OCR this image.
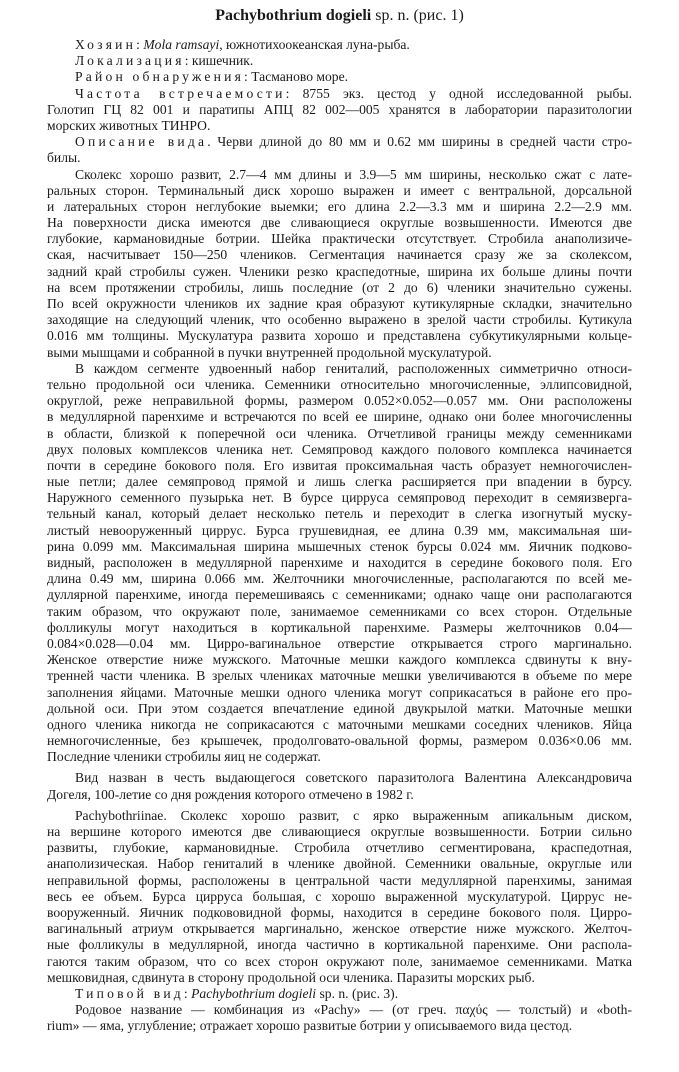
Pachybothrium dogieli sp. n. (рис. 1)
Хозяин: Mola ramsayi, южнотихоокеанская луна-рыба.
Локализация: кишечник.
Район обнаружения: Тасманово море.
Частота встречаемости: 8755 экз. цестод у одной исследованной рыбы.
Голотип ГЦ 82 001 и паратипы АПЦ 82 002—005 хранятся в лаборатории паразитологии
морских животных ТИНРО.
Описание вида. Черви длиной до 80 мм и 0.62 мм ширины в средней части стро-
билы.
Сколекс хорошо развит, 2.7—4 мм длины и 3.9—5 мм ширины, несколько сжат с лате-
ральных сторон. Терминальный диск хорошо выражен и имеет с вентральной, дорсальной
и латеральных сторон неглубокие выемки; его длина 2.2—3.3 мм и ширина 2.2—2.9 мм.
На поверхности диска имеются две сливающиеся округлые возвышенности. Имеются две
глубокие, кармановидные ботрии. Шейка практически отсутствует. Стробила анаполизиче-
ская, насчитывает 150—250 члеников. Сегментация начинается сразу же за сколексом,
задний край стробилы сужен. Членики резко краспедотные, ширина их больше длины почти
на всем протяжении стробилы, лишь последние (от 2 до 6) членики значительно сужены.
По всей окружности члеников их задние края образуют кутикулярные складки, значительно
заходящие на следующий членик, что особенно выражено в зрелой части стробилы. Кутикула
0.016 мм толщины. Мускулатура развита хорошо и представлена субкутикулярными кольце-
выми мышцами и собранной в пучки внутренней продольной мускулатурой.
В каждом сегменте удвоенный набор гениталий, расположенных симметрично относи-
тельно продольной оси членика. Семенники относительно многочисленные, эллипсовидной,
округлой, реже неправильной формы, размером 0.052×0.052—0.057 мм. Они расположены
в медуллярной паренхиме и встречаются по всей ее ширине, однако они более многочисленны
в области, близкой к поперечной оси членика. Отчетливой границы между семенниками
двух половых комплексов членика нет. Семяпровод каждого полового комплекса начинается
почти в середине бокового поля. Его извитая проксимальная часть образует немногочислен-
ные петли; далее семяпровод прямой и лишь слегка расширяется при впадении в бурсу.
Наружного семенного пузырька нет. В бурсе цирруса семяпровод переходит в семяизверга-
тельный канал, который делает несколько петель и переходит в слегка изогнутый муску-
листый невооруженный циррус. Бурса грушевидная, ее длина 0.39 мм, максимальная ши-
рина 0.099 мм. Максимальная ширина мышечных стенок бурсы 0.024 мм. Яичник подково-
видный, расположен в медуллярной паренхиме и находится в середине бокового поля. Его
длина 0.49 мм, ширина 0.066 мм. Желточники многочисленные, располагаются по всей ме-
дуллярной паренхиме, иногда перемешиваясь с семенниками; однако чаще они располагаются
таким образом, что окружают поле, занимаемое семенниками со всех сторон. Отдельные
фолликулы могут находиться в кортикальной паренхиме. Размеры желточников 0.04—
0.084×0.028—0.04 мм. Цирро-вагинальное отверстие открывается строго маргинально.
Женское отверстие ниже мужского. Маточные мешки каждого комплекса сдвинуты к вну-
тренней части членика. В зрелых члениках маточные мешки увеличиваются в объеме по мере
заполнения яйцами. Маточные мешки одного членика могут соприкасаться в районе его про-
дольной оси. При этом создается впечатление единой двукрылой матки. Маточные мешки
одного членика никогда не соприкасаются с маточными мешками соседних члеников. Яйца
немногочисленные, без крышечек, продолговато-овальной формы, размером 0.036×0.06 мм.
Последние членики стробилы яиц не содержат.
Вид назван в честь выдающегося советского паразитолога Валентина Александровича
Догеля, 100-летие со дня рождения которого отмечено в 1982 г.
Pachybothriinae. Сколекс хорошо развит, с ярко выраженным апикальным диском,
на вершине которого имеются две сливающиеся округлые возвышенности. Ботрии сильно
развиты, глубокие, кармановидные. Стробила отчетливо сегментирована, краспедотная,
анаполизическая. Набор гениталий в членике двойной. Семенники овальные, округлые или
неправильной формы, расположены в центральной части медуллярной паренхимы, занимая
весь ее объем. Бурса цирруса большая, с хорошо выраженной мускулатурой. Циррус не-
вооруженный. Яичник подкововидной формы, находится в середине бокового поля. Цирро-
вагинальный атриум открывается маргинально, женское отверстие ниже мужского. Желточ-
ные фолликулы в медуллярной, иногда частично в кортикальной паренхиме. Они распола-
гаются таким образом, что со всех сторон окружают поле, занимаемое семенниками. Матка
мешковидная, сдвинута в сторону продольной оси членика. Паразиты морских рыб.
Типовой вид: Pachybothrium dogieli sp. n. (рис. 3).
Родовое название — комбинация из «Pachy» — (от греч. παχύς — толстый) и «both-
rium» — яма, углубление; отражает хорошо развитые ботрии у описываемого вида цестод.
